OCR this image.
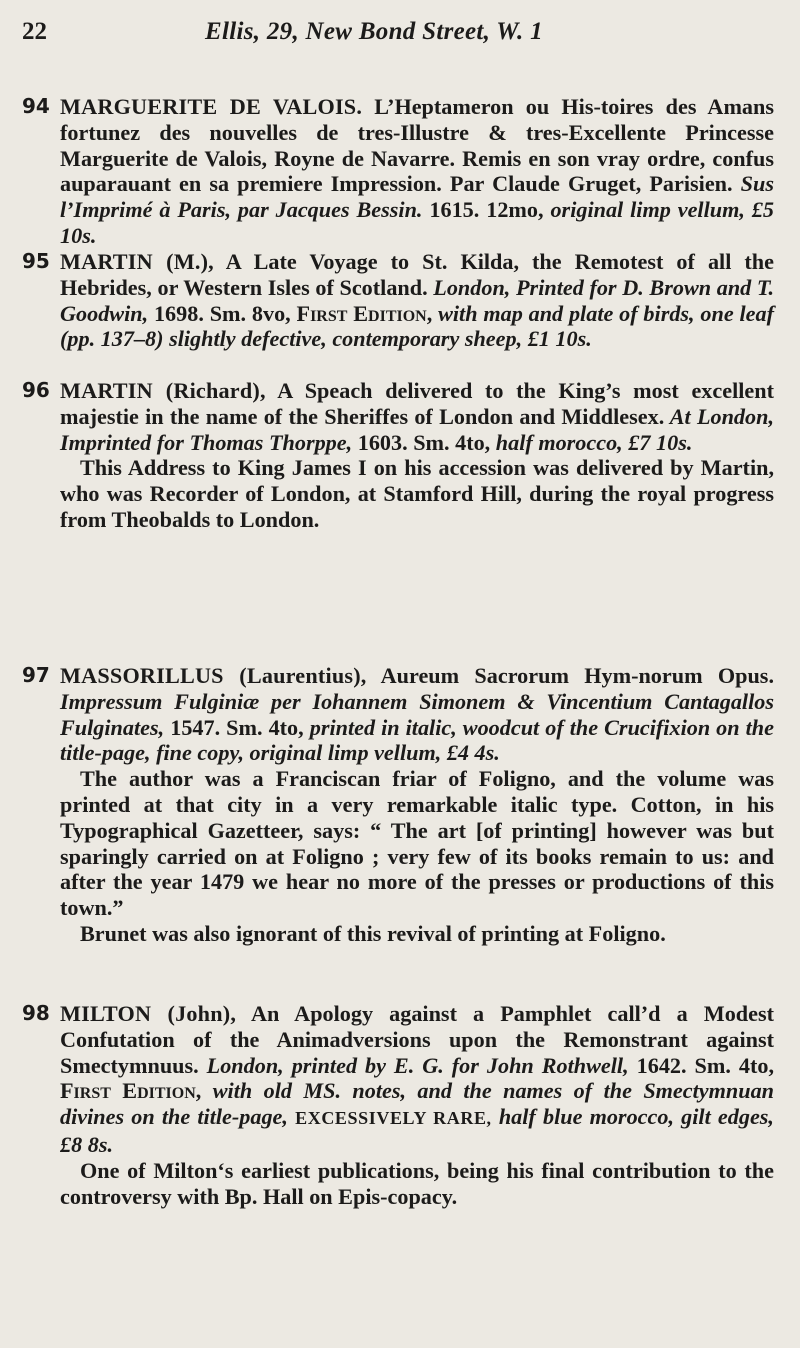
22	Ellis, 29, New Bond Street, W. 1
94 MARGUERITE DE VALOIS. L’Heptameron ou His-toires des Amans fortunez des nouvelles de tres-Illustre & tres-Excellente Princesse Marguerite de Valois, Royne de Navarre. Remis en son vray ordre, confus auparauant en sa premiere Impression. Par Claude Gruget, Parisien. Sus l’Imprimé à Paris, par Jacques Bessin. 1615. 12mo, original limp vellum, £5 10s.

95 MARTIN (M.), A Late Voyage to St. Kilda, the Remotest of all the Hebrides, or Western Isles of Scotland. London, Printed for D. Brown and T. Goodwin, 1698. Sm. 8vo, First Edition, with map and plate of birds, one leaf (pp. 137–8) slightly defective, contemporary sheep, £1 10s.

96 MARTIN (Richard), A Speach delivered to the King’s most excellent majestie in the name of the Sheriffes of London and Middlesex. At London, Imprinted for Thomas Thorppe, 1603. Sm. 4to, half morocco, £7 10s.

This Address to King James I on his accession was delivered by Martin, who was Recorder of London, at Stamford Hill, during the royal progress from Theobalds to London.

97 MASSORILLUS (Laurentius), Aureum Sacrorum Hym-norum Opus. Impressum Fulginiæ per Iohannem Simonem & Vincentium Cantagallos Fulginates, 1547. Sm. 4to, printed in italic, woodcut of the Crucifixion on the title-page, fine copy, original limp vellum, £4 4s.

The author was a Franciscan friar of Foligno, and the volume was printed at that city in a very remarkable italic type. Cotton, in his Typographical Gazetteer, says: “ The art [of printing] however was but sparingly carried on at Foligno ; very few of its books remain to us: and after the year 1479 we hear no more of the presses or productions of this town.”

Brunet was also ignorant of this revival of printing at Foligno.

98 MILTON (John), An Apology against a Pamphlet call’d a Modest Confutation of the Animadversions upon the Remonstrant against Smectymnuus. London, printed by E. G. for John Rothwell, 1642. Sm. 4to, First Edition, with old MS. notes, and the names of the Smectymnuan divines on the title-page, EXCESSIVELY RARE, half blue morocco, gilt edges, £8 8s.

One of Milton‘s earliest publications, being his final contribution to the controversy with Bp. Hall on Epis-copacy.
